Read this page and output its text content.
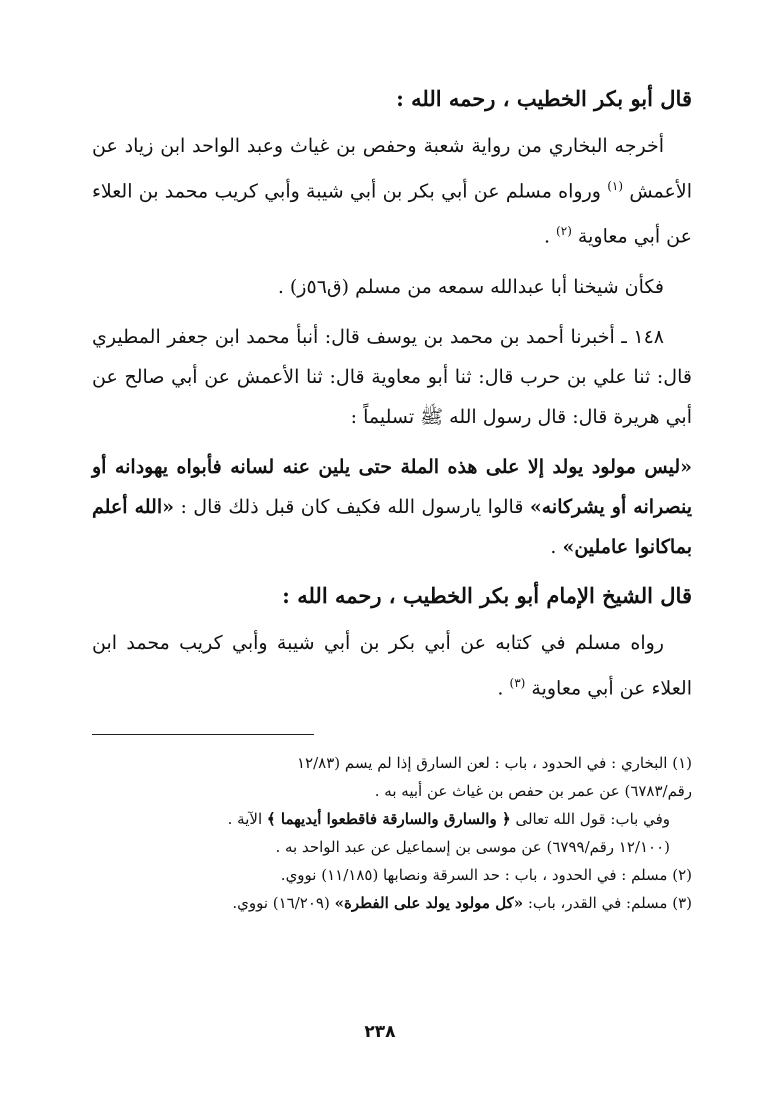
قال أبو بكر الخطيب ، رحمه الله :

أخرجه البخاري من رواية شعبة وحفص بن غياث وعبد الواحد ابن زياد عن الأعمش $^{(١)}$ ورواه مسلم عن أبي بكر بن أبي شيبة وأبي كريب محمد بن العلاء عن أبي معاوية $^{(٢)}$ .

فكأن شيخنا أبا عبدالله سمعه من مسلم (ق٥٦ز) .

١٤٨ ـ أخبرنا أحمد بن محمد بن يوسف قال: أنبأ محمد ابن جعفر المطيري قال: ثنا علي بن حرب قال: ثنا أبو معاوية قال: ثنا الأعمش عن أبي صالح عن أبي هريرة قال: قال رسول الله ﷺ تسليماً :

«ليس مولود يولد إلا على هذه الملة حتى يلين عنه لسانه فأبواه يهودانه أو ينصرانه أو يشركانه» قالوا يارسول الله فكيف كان قبل ذلك قال : «الله أعلم بماكانوا عاملين» .

قال الشيخ الإمام أبو بكر الخطيب ، رحمه الله :

رواه مسلم في كتابه عن أبي بكر بن أبي شيبة وأبي كريب محمد ابن العلاء عن أبي معاوية $^{(٣)}$ .

(١) البخاري : في الحدود ، باب : لعن السارق إذا لم يسم (١٢/٨٣

رقم/٦٧٨٣) عن عمر بن حفص بن غياث عن أبيه به .

وفي باب: قول الله تعالى ﴿ والسارق والسارقة فاقطعوا أيديهما ﴾ الآية .

(١٢/١٠٠ رقم/٦٧٩٩) عن موسى بن إسماعيل عن عبد الواحد به .

(٢) مسلم : في الحدود ، باب : حد السرقة ونصابها (١١/١٨٥) نووي.

(٣) مسلم: في القدر، باب: «كل مولود يولد على الفطرة» (١٦/٢٠٩) نووي.

٢٣٨
